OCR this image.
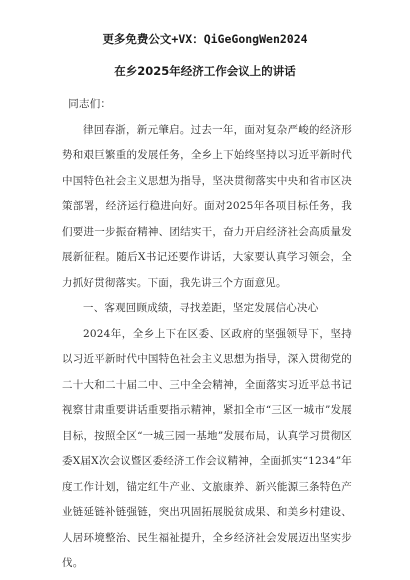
更多免费公文+VX：QiGeGongWen2024
在乡2025年经济工作会议上的讲话

同志们：

律回春浙，新元肇启。过去一年，面对复杂严峻的经济形势和艰巨繁重的发展任务，全乡上下始终坚持以习近平新时代中国特色社会主义思想为指导，坚决贯彻落实中央和省市区决策部署，经济运行稳进向好。面对2025年各项目标任务，我们要进一步振奋精神、团结实干，奋力开启经济社会高质量发展新征程。随后X书记还要作讲话，大家要认真学习领会，全力抓好贯彻落实。下面，我先讲三个方面意见。

一、客观回顾成绩，寻找差距，坚定发展信心决心

2024年，全乡上下在区委、区政府的坚强领导下，坚持以习近平新时代中国特色社会主义思想为指导，深入贯彻党的二十大和二十届二中、三中全会精神，全面落实习近平总书记视察甘肃重要讲话重要指示精神，紧扣全市“三区一城市”发展目标，按照全区“一城三园一基地”发展布局，认真学习贯彻区委X届X次会议暨区委经济工作会议精神，全面抓实“1234”年度工作计划，锚定红牛产业、文旅康养、新兴能源三条特色产业链延链补链强链，突出巩固拓展脱贫成果、和美乡村建设、人居环境整治、民生福祉提升，全乡经济社会发展迈出坚实步伐。
